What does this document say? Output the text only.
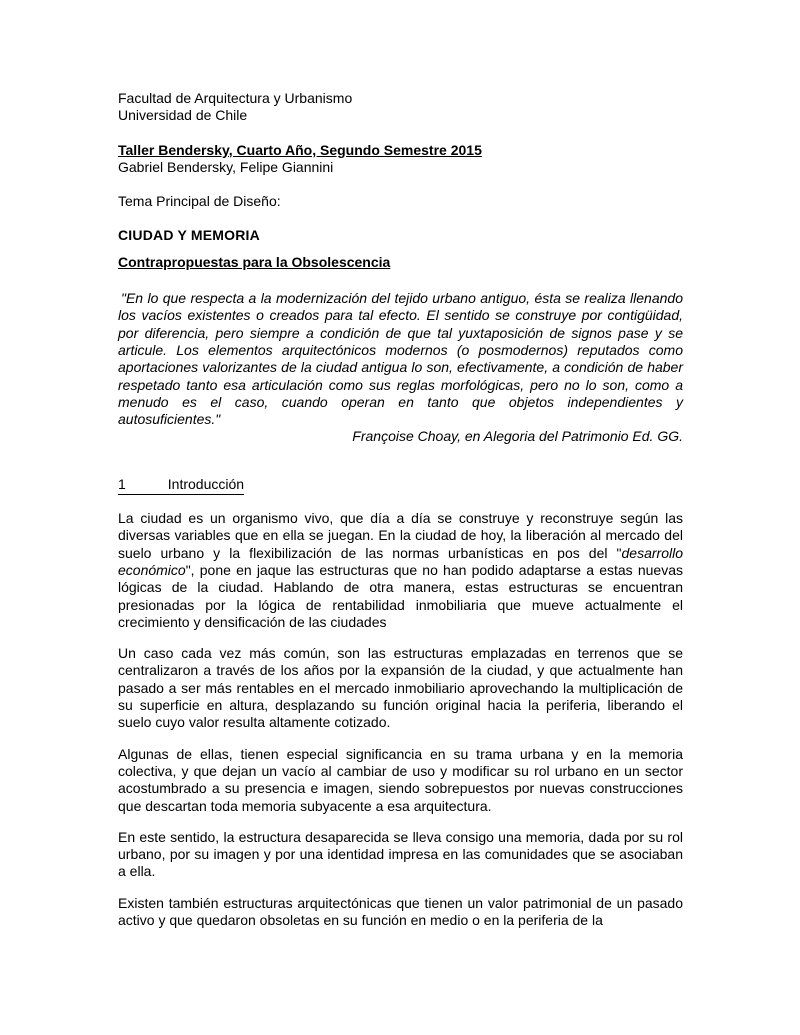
Facultad de Arquitectura y Urbanismo
Universidad de Chile
Taller Bendersky, Cuarto Año, Segundo Semestre 2015
Gabriel Bendersky, Felipe Giannini
Tema Principal de Diseño:
CIUDAD Y MEMORIA
Contrapropuestas para la Obsolescencia

"En lo que respecta a la modernización del tejido urbano antiguo, ésta se realiza llenando los vacíos existentes o creados para tal efecto. El sentido se construye por contigüidad, por diferencia, pero siempre a condición de que tal yuxtaposición de signos pase y se articule. Los elementos arquitectónicos modernos (o posmodernos) reputados como aportaciones valorizantes de la ciudad antigua lo son, efectivamente, a condición de haber respetado tanto esa articulación como sus reglas morfológicas, pero no lo son, como a menudo es el caso, cuando operan en tanto que objetos independientes y autosuficientes."

Françoise Choay, en Alegoria del Patrimonio Ed. GG.

1	Introducción

La ciudad es un organismo vivo, que día a día se construye y reconstruye según las diversas variables que en ella se juegan. En la ciudad de hoy, la liberación al mercado del suelo urbano y la flexibilización de las normas urbanísticas en pos del "desarrollo económico", pone en jaque las estructuras que no han podido adaptarse a estas nuevas lógicas de la ciudad. Hablando de otra manera, estas estructuras se encuentran presionadas por la lógica de rentabilidad inmobiliaria que mueve actualmente el crecimiento y densificación de las ciudades

Un caso cada vez más común, son las estructuras emplazadas en terrenos que se centralizaron a través de los años por la expansión de la ciudad, y que actualmente han pasado a ser más rentables en el mercado inmobiliario aprovechando la multiplicación de su superficie en altura, desplazando su función original hacia la periferia, liberando el suelo cuyo valor resulta altamente cotizado.

Algunas de ellas, tienen especial significancia en su trama urbana y en la memoria colectiva, y que dejan un vacío al cambiar de uso y modificar su rol urbano en un sector acostumbrado a su presencia e imagen, siendo sobrepuestos por nuevas construcciones que descartan toda memoria subyacente a esa arquitectura.

En este sentido, la estructura desaparecida se lleva consigo una memoria, dada por su rol urbano, por su imagen y por una identidad impresa en las comunidades que se asociaban a ella.

Existen también estructuras arquitectónicas que tienen un valor patrimonial de un pasado activo y que quedaron obsoletas en su función en medio o en la periferia de la
